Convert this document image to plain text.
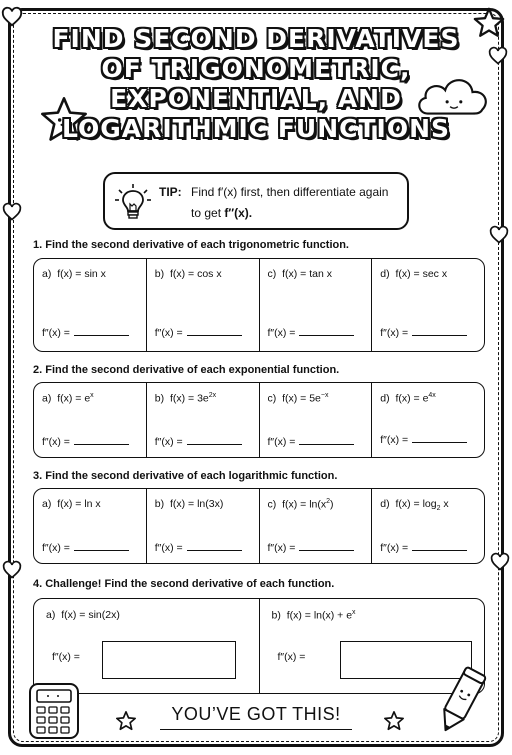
FIND SECOND DERIVATIVES
OF TRIGONOMETRIC,
EXPONENTIAL, AND
LOGARITHMIC FUNCTIONS
TIP: Find f′(x) first, then differentiate again
to get f″(x).
1. Find the second derivative of each trigonometric function.
a) f(x) = sin x
f″(x) =
b) f(x) = cos x
f″(x) =
c) f(x) = tan x
f″(x) =
d) f(x) = sec x
f″(x) =
2. Find the second derivative of each exponential function.
a) $f(x) = e^x$
f″(x) =
b) $f(x) = 3e^{2x}$
f″(x) =
c) $f(x) = 5e^{-x}$
f″(x) =
d) $f(x) = e^{4x}$
f″(x) =
3. Find the second derivative of each logarithmic function.
a) f(x) = ln x
f″(x) =
b) f(x) = ln(3x)
f″(x) =
c) $f(x) = \ln(x^2)$
f″(x) =
d) $f(x) = \log_2 x$
f″(x) =
4. Challenge! Find the second derivative of each function.
a) f(x) = sin(2x)
f″(x) =
b) $f(x) = \ln(x) + e^x$
f″(x) =
YOU’VE GOT THIS!
